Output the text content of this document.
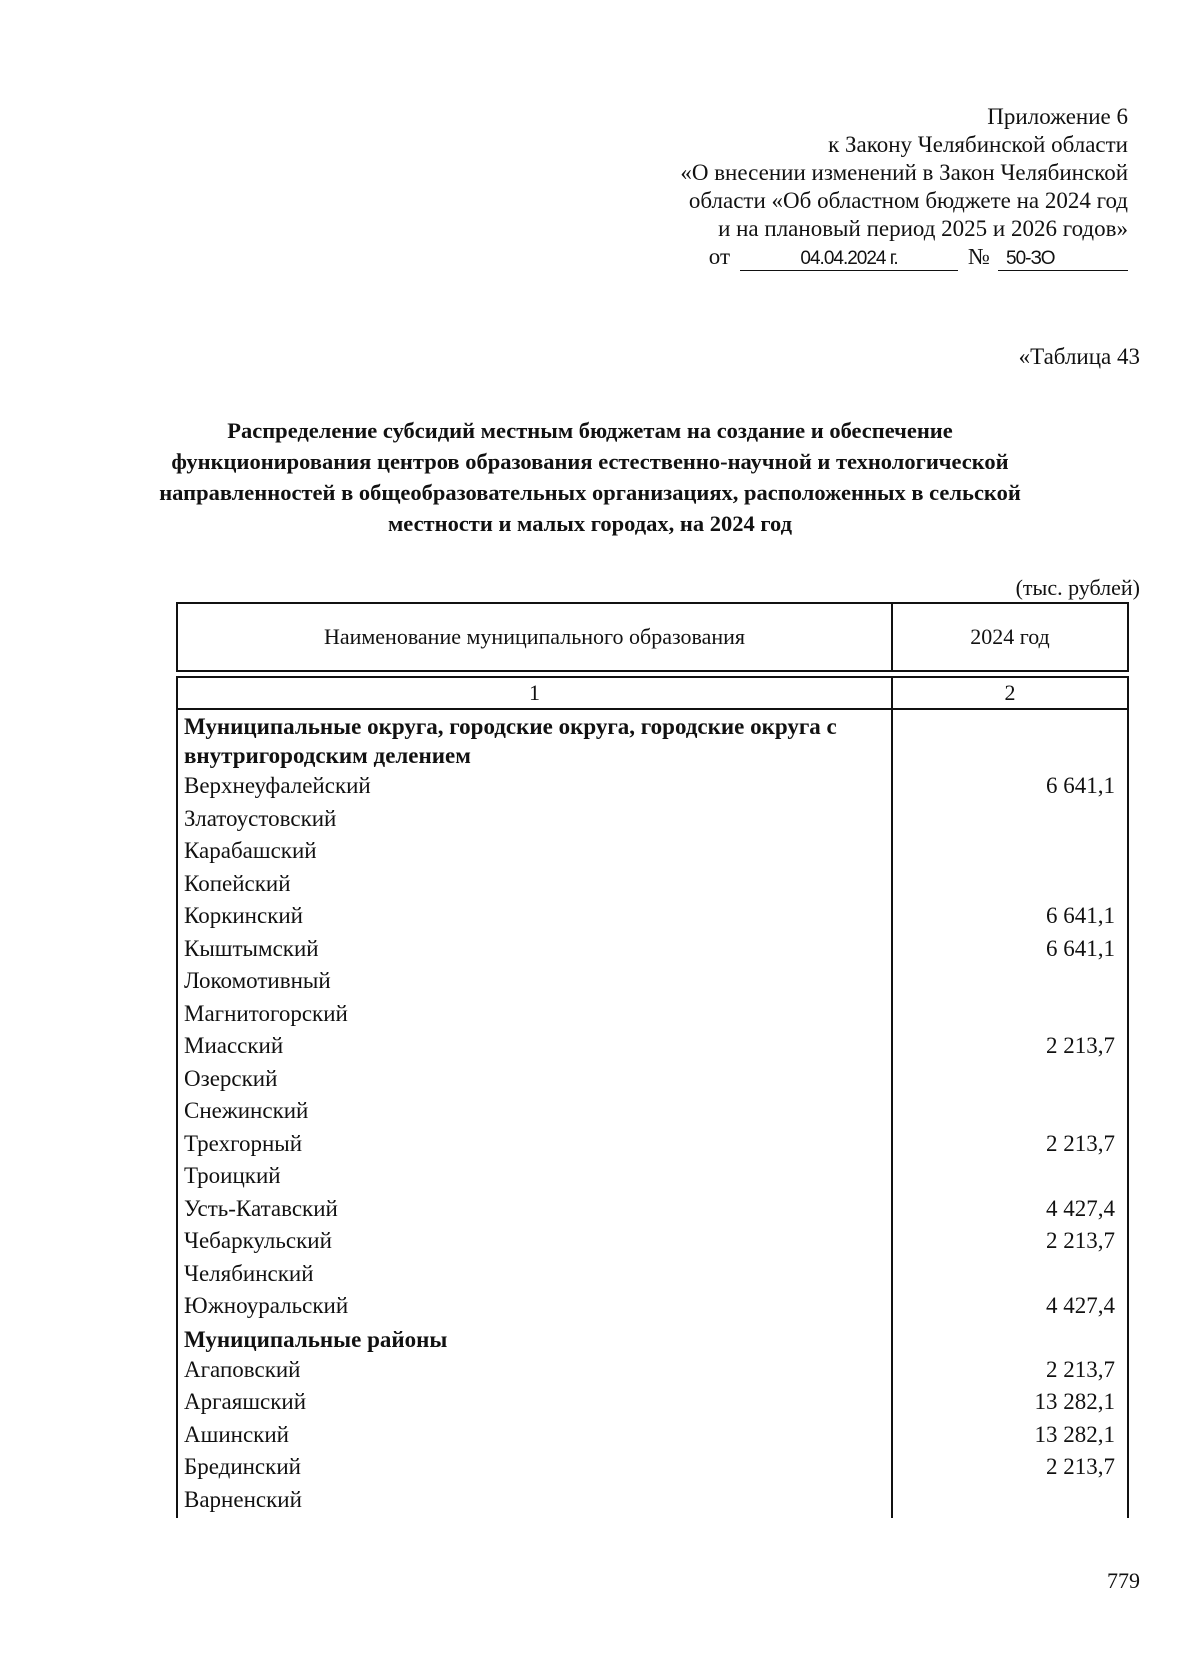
Приложение 6
к Закону Челябинской области
«О внесении изменений в Закон Челябинской
области «Об областном бюджете на 2024 год
и на плановый период 2025 и 2026 годов»
от	04.04.2024 г.	№ 50-ЗО
«Таблица 43
Распределение субсидий местным бюджетам на создание и обеспечение функционирования центров образования естественно-научной и технологической направленностей в общеобразовательных организациях, расположенных в сельской местности и малых городах, на 2024 год
(тыс. рублей)
Наименование муниципального образования	2024 год
1	2
Муниципальные округа, городские округа, городские округа с внутригородским делением
Верхнеуфалейский	6 641,1
Златоустовский
Карабашский
Копейский
Коркинский	6 641,1
Кыштымский	6 641,1
Локомотивный
Магнитогорский
Миасский	2 213,7
Озерский
Снежинский
Трехгорный	2 213,7
Троицкий
Усть-Катавский	4 427,4
Чебаркульский	2 213,7
Челябинский
Южноуральский	4 427,4
Муниципальные районы
Агаповский	2 213,7
Аргаяшский	13 282,1
Ашинский	13 282,1
Брединский	2 213,7
Варненский
779
